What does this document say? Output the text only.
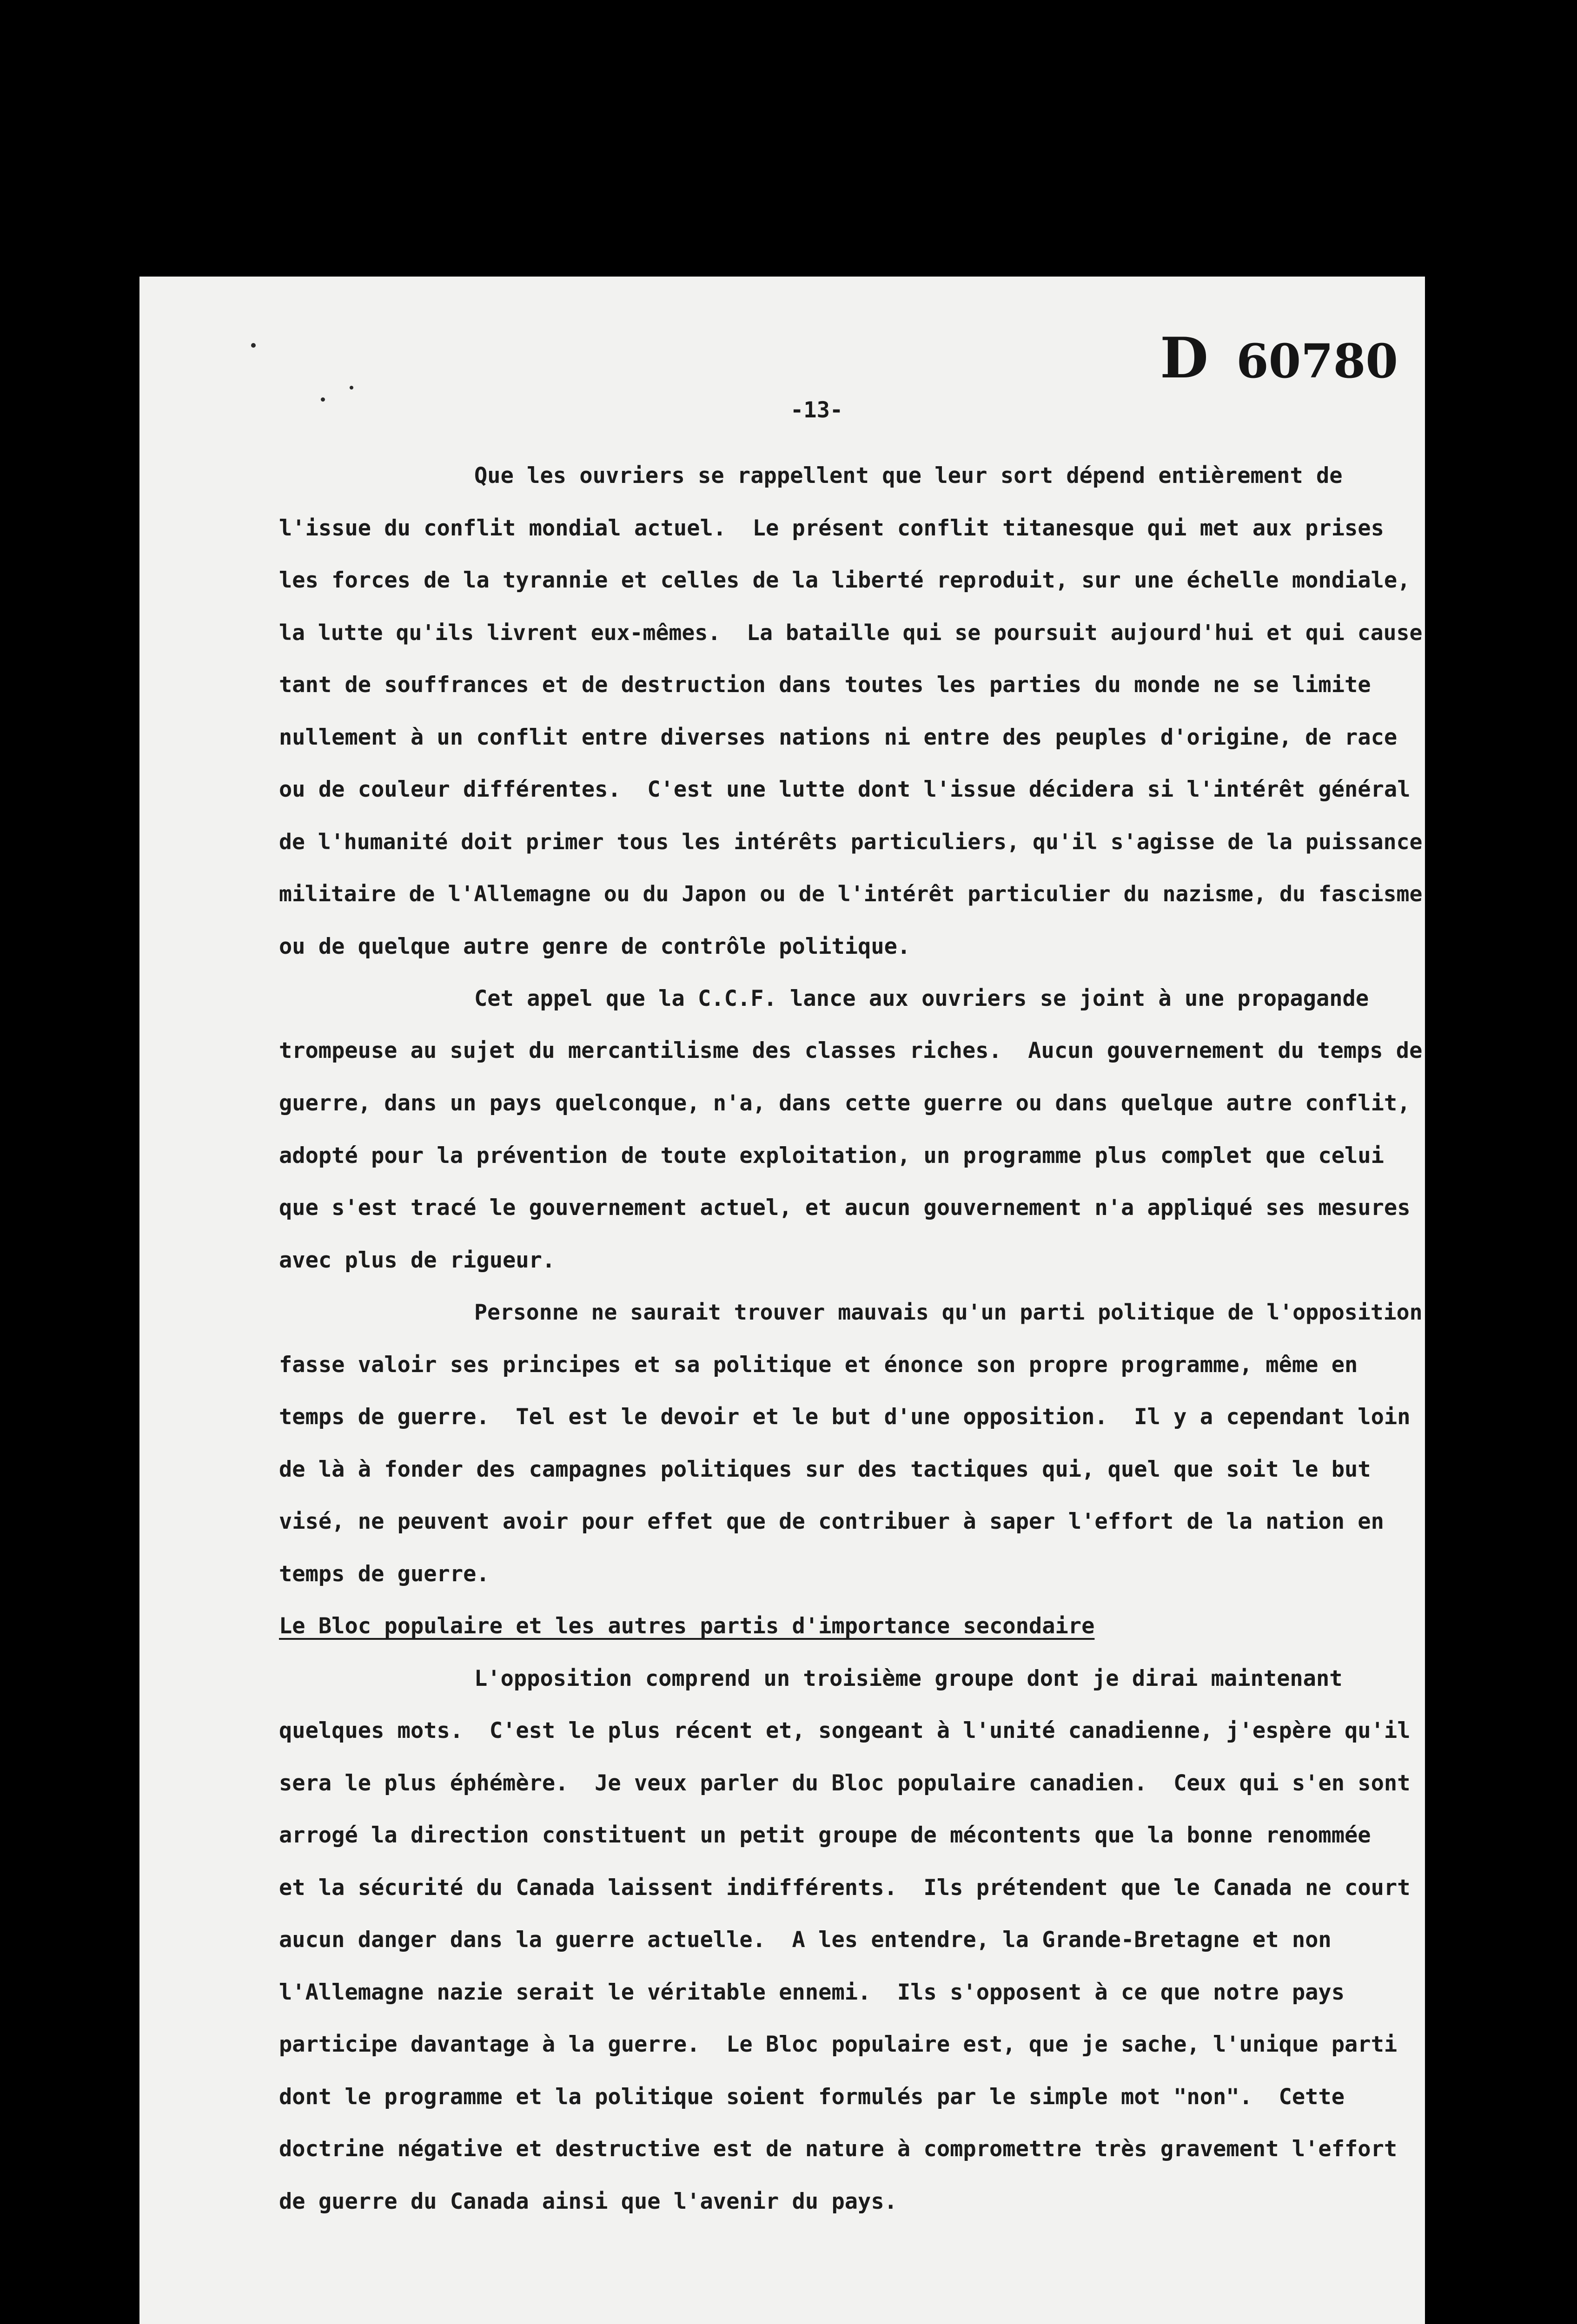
D 60780
-13-
Que les ouvriers se rappellent que leur sort dépend entièrement de
l'issue du conflit mondial actuel.  Le présent conflit titanesque qui met aux prises
les forces de la tyrannie et celles de la liberté reproduit, sur une échelle mondiale,
la lutte qu'ils livrent eux-mêmes.  La bataille qui se poursuit aujourd'hui et qui cause
tant de souffrances et de destruction dans toutes les parties du monde ne se limite
nullement à un conflit entre diverses nations ni entre des peuples d'origine, de race
ou de couleur différentes.  C'est une lutte dont l'issue décidera si l'intérêt général
de l'humanité doit primer tous les intérêts particuliers, qu'il s'agisse de la puissance
militaire de l'Allemagne ou du Japon ou de l'intérêt particulier du nazisme, du fascisme
ou de quelque autre genre de contrôle politique.
Cet appel que la C.C.F. lance aux ouvriers se joint à une propagande
trompeuse au sujet du mercantilisme des classes riches.  Aucun gouvernement du temps de
guerre, dans un pays quelconque, n'a, dans cette guerre ou dans quelque autre conflit,
adopté pour la prévention de toute exploitation, un programme plus complet que celui
que s'est tracé le gouvernement actuel, et aucun gouvernement n'a appliqué ses mesures
avec plus de rigueur.
Personne ne saurait trouver mauvais qu'un parti politique de l'opposition
fasse valoir ses principes et sa politique et énonce son propre programme, même en
temps de guerre.  Tel est le devoir et le but d'une opposition.  Il y a cependant loin
de là à fonder des campagnes politiques sur des tactiques qui, quel que soit le but
visé, ne peuvent avoir pour effet que de contribuer à saper l'effort de la nation en
temps de guerre.
Le Bloc populaire et les autres partis d'importance secondaire
L'opposition comprend un troisième groupe dont je dirai maintenant
quelques mots.  C'est le plus récent et, songeant à l'unité canadienne, j'espère qu'il
sera le plus éphémère.  Je veux parler du Bloc populaire canadien.  Ceux qui s'en sont
arrogé la direction constituent un petit groupe de mécontents que la bonne renommée
et la sécurité du Canada laissent indifférents.  Ils prétendent que le Canada ne court
aucun danger dans la guerre actuelle.  A les entendre, la Grande-Bretagne et non
l'Allemagne nazie serait le véritable ennemi.  Ils s'opposent à ce que notre pays
participe davantage à la guerre.  Le Bloc populaire est, que je sache, l'unique parti
dont le programme et la politique soient formulés par le simple mot "non".  Cette
doctrine négative et destructive est de nature à compromettre très gravement l'effort
de guerre du Canada ainsi que l'avenir du pays.
